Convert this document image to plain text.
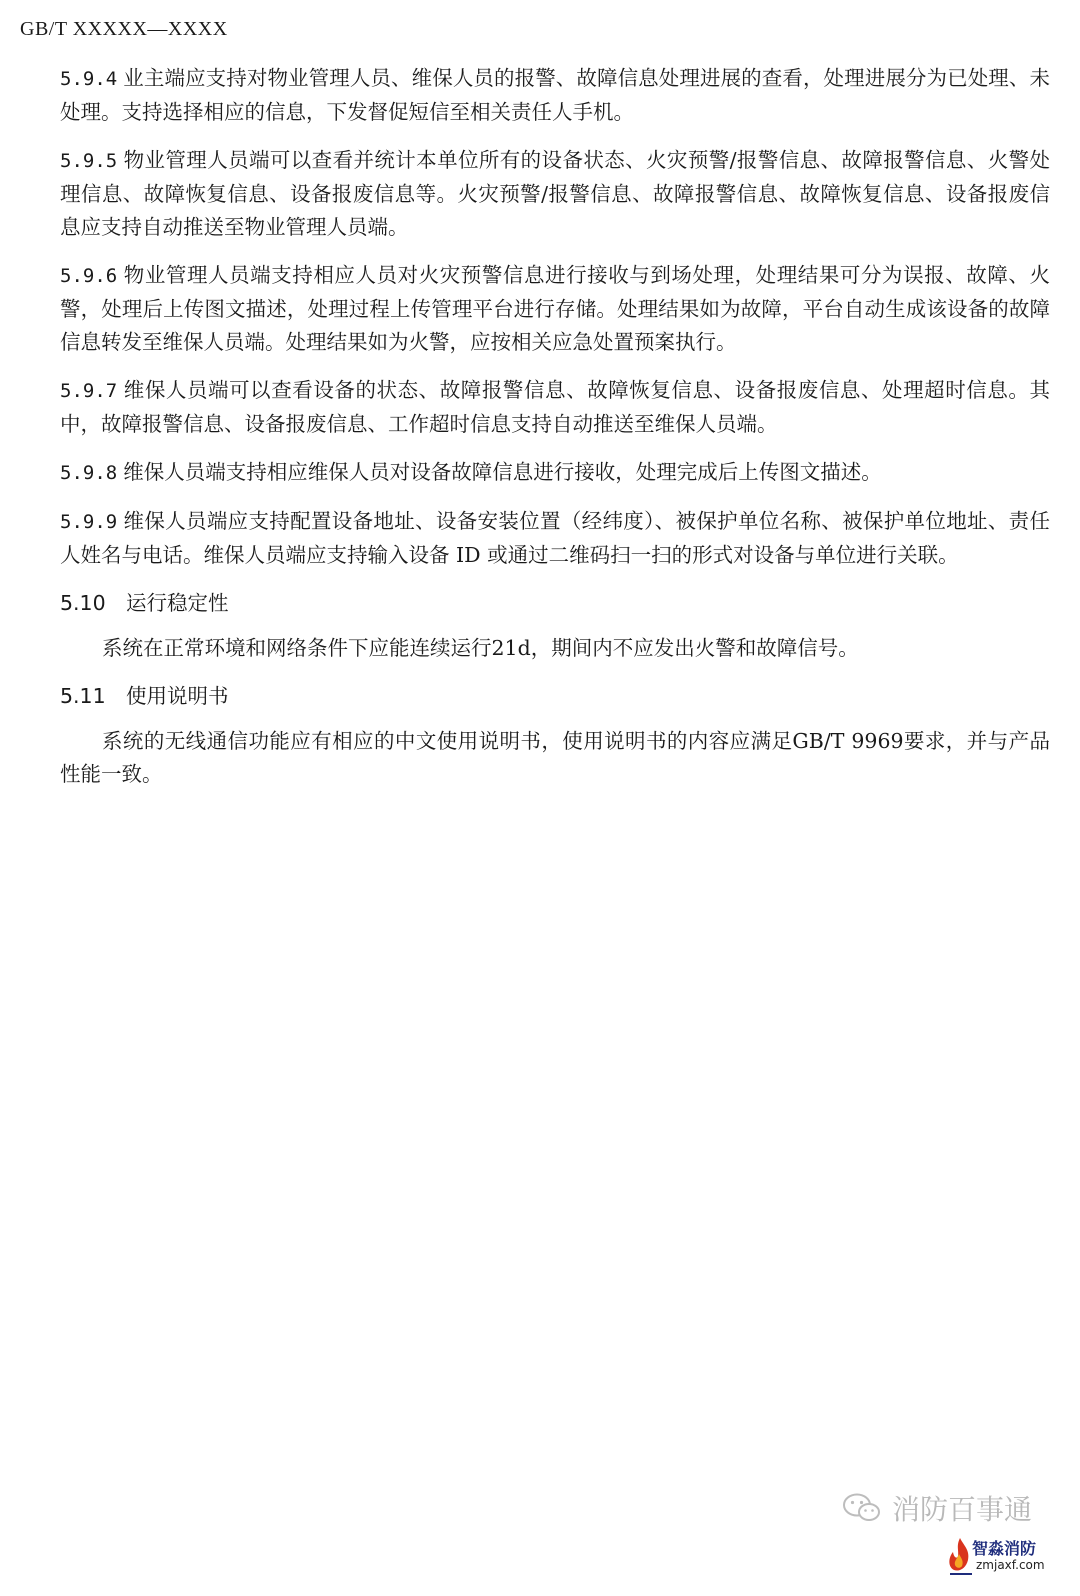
GB/T XXXXX—XXXX

5.9.4 业主端应支持对物业管理人员、维保人员的报警、故障信息处理进展的查看，处理进展分为已处理、未处理。支持选择相应的信息，下发督促短信至相关责任人手机。

5.9.5 物业管理人员端可以查看并统计本单位所有的设备状态、火灾预警/报警信息、故障报警信息、火警处理信息、故障恢复信息、设备报废信息等。火灾预警/报警信息、故障报警信息、故障恢复信息、设备报废信息应支持自动推送至物业管理人员端。

5.9.6 物业管理人员端支持相应人员对火灾预警信息进行接收与到场处理，处理结果可分为误报、故障、火警，处理后上传图文描述，处理过程上传管理平台进行存储。处理结果如为故障，平台自动生成该设备的故障信息转发至维保人员端。处理结果如为火警，应按相关应急处置预案执行。

5.9.7 维保人员端可以查看设备的状态、故障报警信息、故障恢复信息、设备报废信息、处理超时信息。其中，故障报警信息、设备报废信息、工作超时信息支持自动推送至维保人员端。

5.9.8 维保人员端支持相应维保人员对设备故障信息进行接收，处理完成后上传图文描述。

5.9.9 维保人员端应支持配置设备地址、设备安装位置（经纬度）、被保护单位名称、被保护单位地址、责任人姓名与电话。维保人员端应支持输入设备 ID 或通过二维码扫一扫的形式对设备与单位进行关联。

5.10 运行稳定性

系统在正常环境和网络条件下应能连续运行21d，期间内不应发出火警和故障信号。

5.11 使用说明书

系统的无线通信功能应有相应的中文使用说明书，使用说明书的内容应满足GB/T 9969要求，并与产品性能一致。

消防百事通
智淼消防
zmjaxf.com
